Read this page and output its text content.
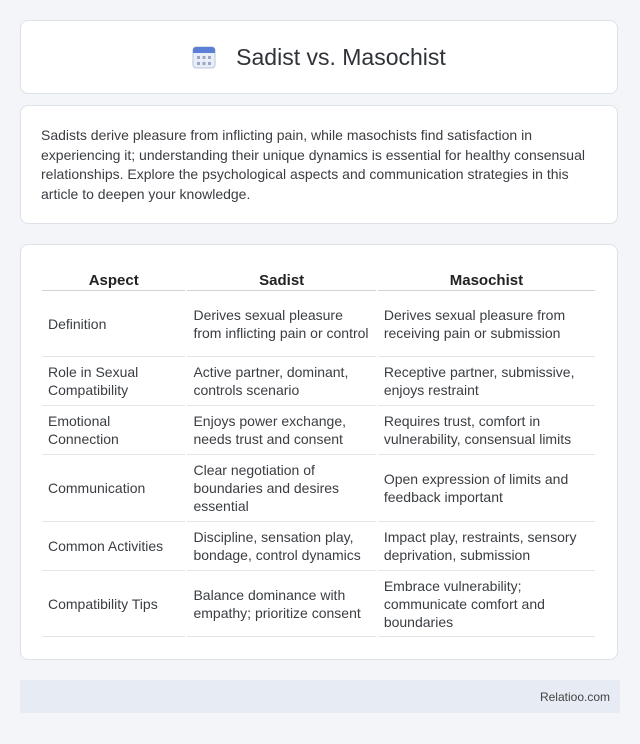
Sadist vs. Masochist

Sadists derive pleasure from inflicting pain, while masochists find satisfaction in experiencing it; understanding their unique dynamics is essential for healthy consensual relationships. Explore the psychological aspects and communication strategies in this article to deepen your knowledge.

Aspect	Sadist	Masochist
Definition	Derives sexual pleasure from inflicting pain or control	Derives sexual pleasure from receiving pain or submission
Role in Sexual Compatibility	Active partner, dominant, controls scenario	Receptive partner, submissive, enjoys restraint
Emotional Connection	Enjoys power exchange, needs trust and consent	Requires trust, comfort in vulnerability, consensual limits
Communication	Clear negotiation of boundaries and desires essential	Open expression of limits and feedback important
Common Activities	Discipline, sensation play, bondage, control dynamics	Impact play, restraints, sensory deprivation, submission
Compatibility Tips	Balance dominance with empathy; prioritize consent	Embrace vulnerability; communicate comfort and boundaries
Relatioo.com
